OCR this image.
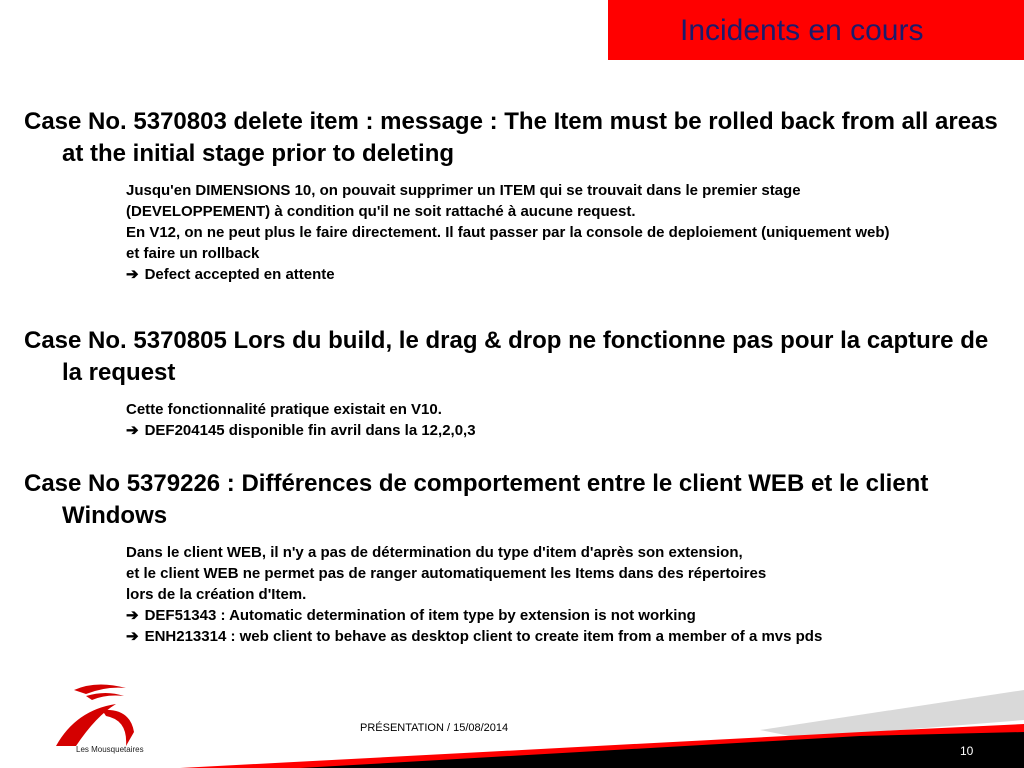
Incidents en cours

Case No. 5370803 delete item : message : The Item must be rolled back from all areas at the initial stage prior to deleting

Jusqu'en DIMENSIONS 10, on pouvait supprimer un ITEM qui se trouvait dans le premier stage
(DEVELOPPEMENT) à condition qu'il ne soit rattaché à aucune request.
En V12, on ne peut plus le faire directement. Il faut passer par la console de deploiement (uniquement web)
et faire un rollback
➔ Defect accepted en attente

Case No. 5370805 Lors du build, le drag & drop ne fonctionne pas pour la capture de la request

Cette fonctionnalité pratique existait en V10.
➔ DEF204145 disponible fin avril dans la 12,2,0,3

Case No 5379226 : Différences de comportement entre le client WEB et le client Windows

Dans le client WEB, il n'y a pas de détermination du type d'item d'après son extension,
et le client WEB ne permet pas de ranger automatiquement les Items dans des répertoires
lors de la création d'Item.
➔ DEF51343 : Automatic determination of item type by extension is not working
➔ ENH213314 : web client to behave as desktop client to create item from a member of a mvs pds
Les Mousquetaires
PRÉSENTATION / 15/08/2014
10
